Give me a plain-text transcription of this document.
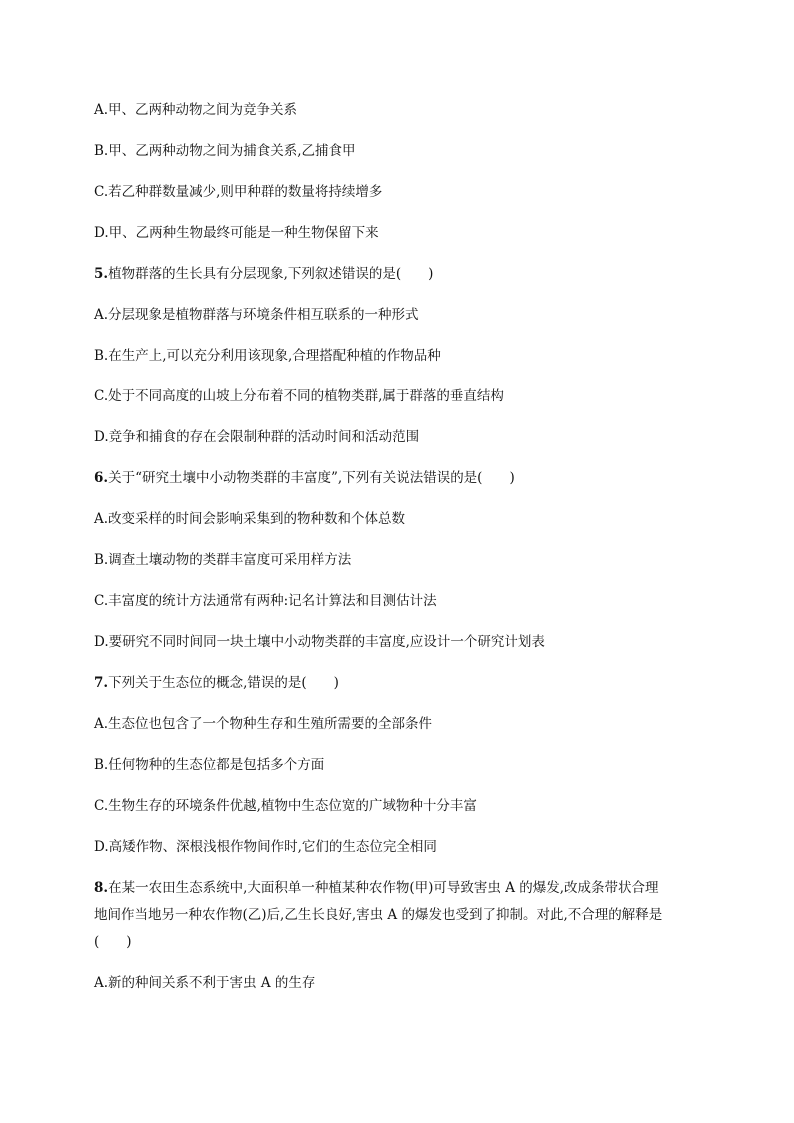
A.甲、乙两种动物之间为竞争关系
B.甲、乙两种动物之间为捕食关系,乙捕食甲
C.若乙种群数量减少,则甲种群的数量将持续增多
D.甲、乙两种生物最终可能是一种生物保留下来
5.植物群落的生长具有分层现象,下列叙述错误的是(　　)
A.分层现象是植物群落与环境条件相互联系的一种形式
B.在生产上,可以充分利用该现象,合理搭配种植的作物品种
C.处于不同高度的山坡上分布着不同的植物类群,属于群落的垂直结构
D.竞争和捕食的存在会限制种群的活动时间和活动范围
6.关于“研究土壤中小动物类群的丰富度”,下列有关说法错误的是(　　)
A.改变采样的时间会影响采集到的物种数和个体总数
B.调查土壤动物的类群丰富度可采用样方法
C.丰富度的统计方法通常有两种:记名计算法和目测估计法
D.要研究不同时间同一块土壤中小动物类群的丰富度,应设计一个研究计划表
7.下列关于生态位的概念,错误的是(　　)
A.生态位也包含了一个物种生存和生殖所需要的全部条件
B.任何物种的生态位都是包括多个方面
C.生物生存的环境条件优越,植物中生态位宽的广域物种十分丰富
D.高矮作物、深根浅根作物间作时,它们的生态位完全相同
8.在某一农田生态系统中,大面积单一种植某种农作物(甲)可导致害虫 A 的爆发,改成条带状合理
地间作当地另一种农作物(乙)后,乙生长良好,害虫 A 的爆发也受到了抑制。对此,不合理的解释是
(　　)
A.新的种间关系不利于害虫 A 的生存
